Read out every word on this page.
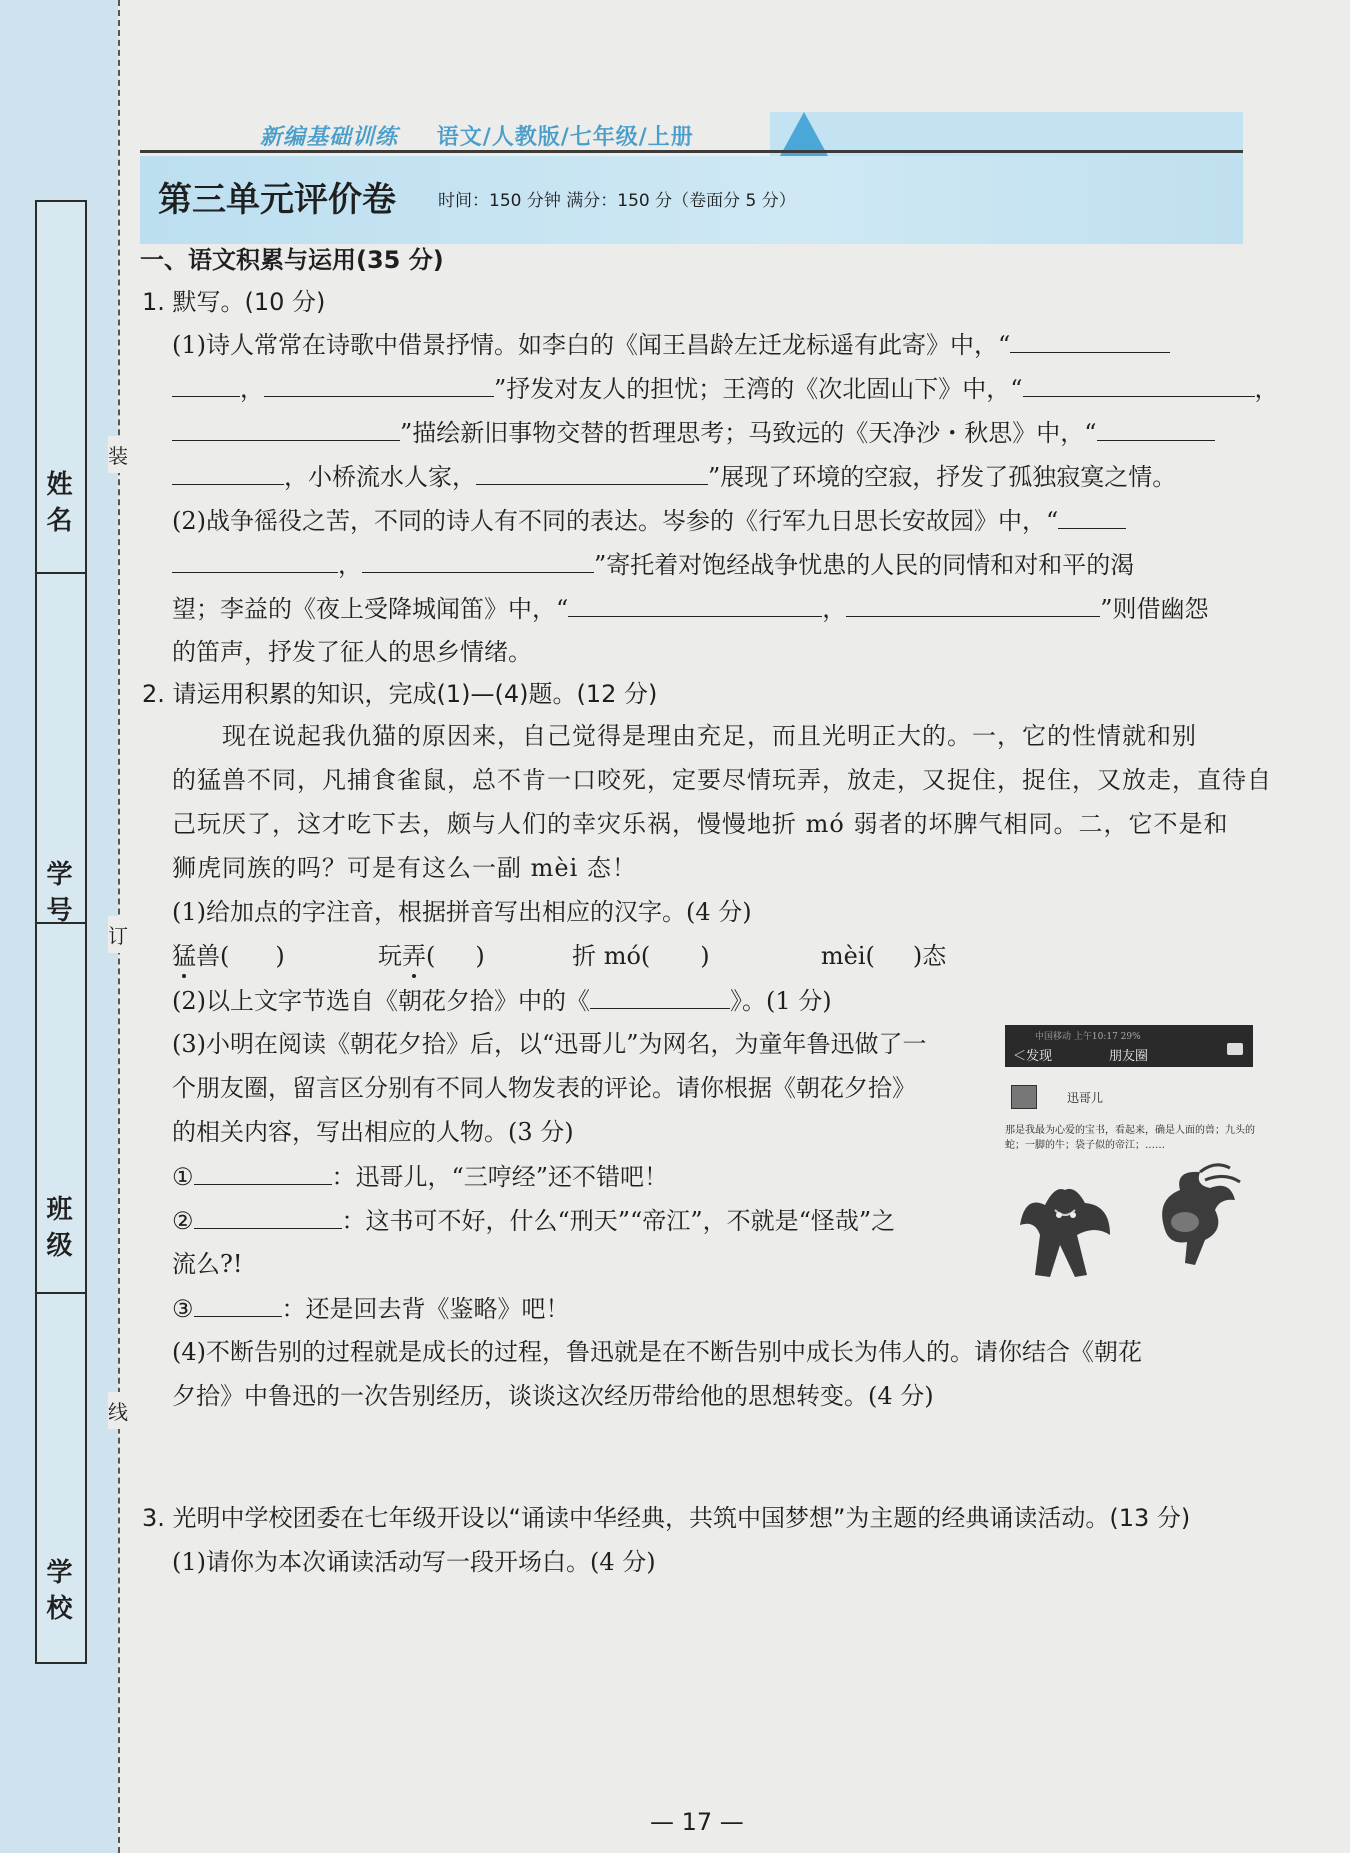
姓名
学号
班级
学校
装
订
线
新编基础训练 语文/人教版/七年级/上册
第三单元评价卷 时间：150 分钟 满分：150 分（卷面分 5 分）
一、语文积累与运用(35 分)
1. 默写。(10 分)
(1)诗人常常在诗歌中借景抒情。如李白的《闻王昌龄左迁龙标遥有此寄》中，“
，	”抒发对友人的担忧；王湾的《次北固山下》中，“	，
”描绘新旧事物交替的哲理思考；马致远的《天净沙・秋思》中，“
，小桥流水人家，	”展现了环境的空寂，抒发了孤独寂寞之情。
(2)战争徭役之苦，不同的诗人有不同的表达。岑参的《行军九日思长安故园》中，“
，	”寄托着对饱经战争忧患的人民的同情和对和平的渴
望；李益的《夜上受降城闻笛》中，“	，	”则借幽怨
的笛声，抒发了征人的思乡情绪。
2. 请运用积累的知识，完成(1)—(4)题。(12 分)
现在说起我仇猫的原因来，自己觉得是理由充足，而且光明正大的。一，它的性情就和别
的猛兽不同，凡捕食雀鼠，总不肯一口咬死，定要尽情玩弄，放走，又捉住，捉住，又放走，直待自
己玩厌了，这才吃下去，颇与人们的幸灾乐祸，慢慢地折 mó 弱者的坏脾气相同。二，它不是和
狮虎同族的吗？可是有这么一副 mèi 态！
(1)给加点的字注音，根据拼音写出相应的汉字。(4 分)
猛兽( )	玩弄( )	折 mó( )	mèi( )态
(2)以上文字节选自《朝花夕拾》中的《	》。(1 分)
(3)小明在阅读《朝花夕拾》后，以“迅哥儿”为网名，为童年鲁迅做了一
个朋友圈，留言区分别有不同人物发表的评论。请你根据《朝花夕拾》
的相关内容，写出相应的人物。(3 分)
①	：迅哥儿，“三哼经”还不错吧！
②	：这书可不好，什么“刑天”“帝江”，不就是“怪哉”之
流么?!
③	：还是回去背《鉴略》吧！
(4)不断告别的过程就是成长的过程，鲁迅就是在不断告别中成长为伟人的。请你结合《朝花
夕拾》中鲁迅的一次告别经历，谈谈这次经历带给他的思想转变。(4 分)
3. 光明中学校团委在七年级开设以“诵读中华经典，共筑中国梦想”为主题的经典诵读活动。(13 分)
(1)请你为本次诵读活动写一段开场白。(4 分)
中国移动 上午10:17 29%
＜发现	朋友圈
迅哥儿
那是我最为心爱的宝书，看起来，确是人面的兽；九头的蛇；一脚的牛；袋子似的帝江；……
— 17 —
